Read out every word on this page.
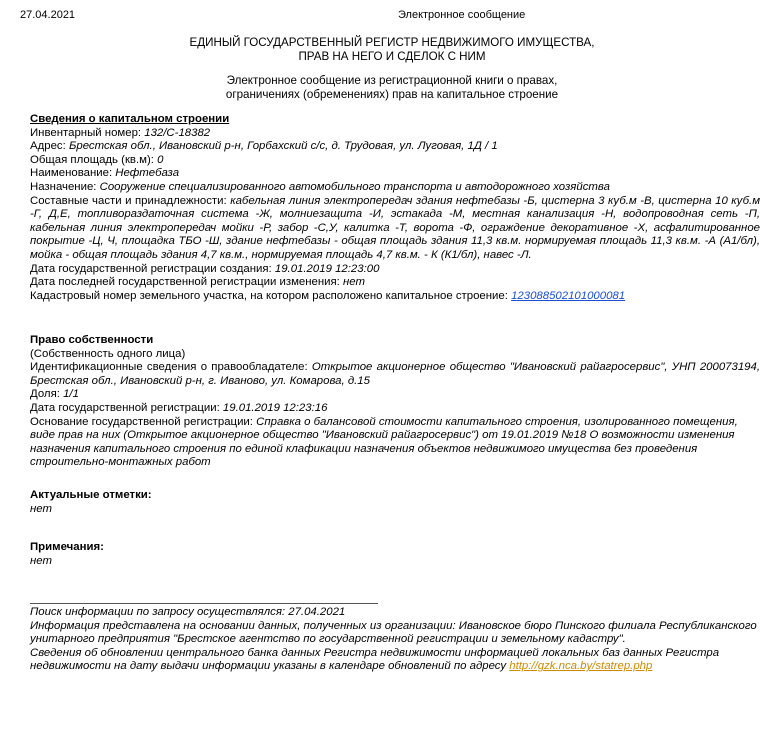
27.04.2021	Электронное сообщение
ЕДИНЫЙ ГОСУДАРСТВЕННЫЙ РЕГИСТР НЕДВИЖИМОГО ИМУЩЕСТВА,
ПРАВ НА НЕГО И СДЕЛОК С НИМ
Электронное сообщение из регистрационной книги о правах,
ограничениях (обременениях) прав на капитальное строение
Сведения о капитальном строении
Инвентарный номер: 132/С-18382
Адрес: Брестская обл., Ивановский р-н, Горбахский с/с, д. Трудовая, ул. Луговая, 1Д / 1
Общая площадь (кв.м): 0
Наименование: Нефтебаза
Назначение: Сооружение специализированного автомобильного транспорта и автодорожного хозяйства
Составные части и принадлежности: кабельная линия электропередач здания нефтебазы -Б, цистерна 3 куб.м -В, цистерна 10 куб.м -Г, Д,Е, топливораздаточная система -Ж, молниезащита -И, эстакада -М, местная канализация -Н, водопроводная сеть -П, кабельная линия электропередач мойки -Р, забор -С,У, калитка -Т, ворота -Ф, ограждение декоративное -Х, асфалитированное покрытие -Ц, Ч, площадка ТБО -Ш, здание нефтебазы - общая площадь здания 11,3 кв.м. нормируемая площадь 11,3 кв.м. -А (А1/бл), мойка - общая площадь здания 4,7 кв.м., нормируемая площадь 4,7 кв.м. - К (К1/бл), навес -Л.
Дата государственной регистрации создания: 19.01.2019 12:23:00
Дата последней государственной регистрации изменения: нет
Кадастровый номер земельного участка, на котором расположено капитальное строение: 123088502101000081
Право собственности
(Собственность одного лица)
Идентификационные сведения о правообладателе: Открытое акционерное общество "Ивановский райагросервис", УНП 200073194, Брестская обл., Ивановский р-н, г. Иваново, ул. Комарова, д.15
Доля: 1/1
Дата государственной регистрации: 19.01.2019 12:23:16
Основание государственной регистрации: Справка о балансовой стоимости капитального строения, изолированного помещения, виде прав на них (Открытое акционерное общество "Ивановский райагросервис") от 19.01.2019 №18 О возможности изменения назначения капитального строения по единой клафикации назначения объектов недвижимого имущества без проведения строительно-монтажных работ
Актуальные отметки:
нет
Примечания:
нет
Поиск информации по запросу осуществлялся: 27.04.2021
Информация представлена на основании данных, полученных из организации: Ивановское бюро Пинского филиала Республиканского унитарного предприятия "Брестское агентство по государственной регистрации и земельному кадастру".
Сведения об обновлении центрального банка данных Регистра недвижимости информацией локальных баз данных Регистра недвижимости на дату выдачи информации указаны в календаре обновлений по адресу http://gzk.nca.by/statrep.php
